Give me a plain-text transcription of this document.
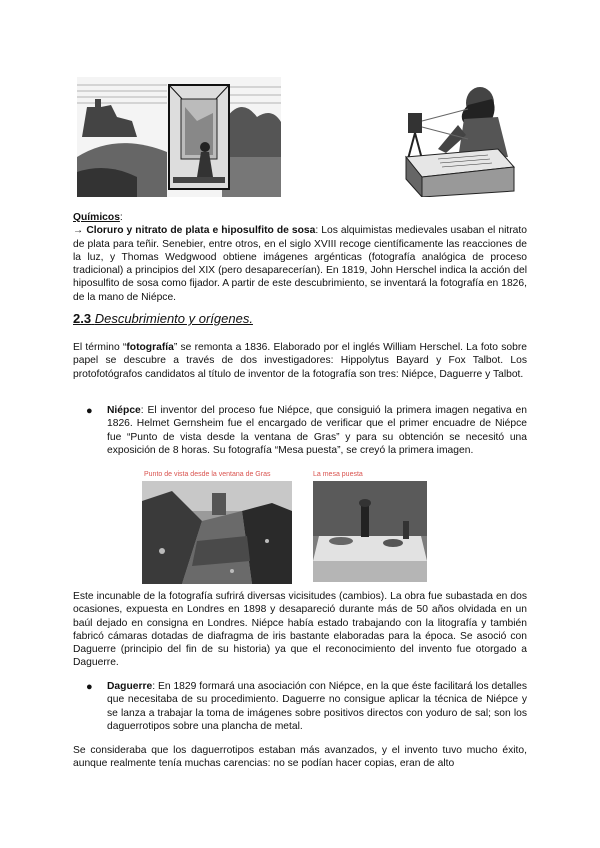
Químicos:
→ Cloruro y nitrato de plata e hiposulfito de sosa: Los alquimistas medievales usaban el nitrato de plata para teñir. Senebier, entre otros, en el siglo XVIII recoge científicamente las reacciones de la luz, y Thomas Wedgwood obtiene imágenes argénticas (fotografía analógica de proceso tradicional) a principios del XIX (pero desaparecerían). En 1819, John Herschel indica la acción del hiposulfito de sosa como fijador. A partir de este descubrimiento, se inventará la fotografía en 1826, de la mano de Niépce.

2.3 Descubrimiento y orígenes.

El término “fotografía” se remonta a 1836. Elaborado por el inglés William Herschel. La foto sobre papel se descubre a través de dos investigadores: Hippolytus Bayard y Fox Talbot. Los protofotógrafos candidatos al título de inventor de la fotografía son tres: Niépce, Daguerre y Talbot.

● Niépce: El inventor del proceso fue Niépce, que consiguió la primera imagen negativa en 1826. Helmet Gernsheim fue el encargado de verificar que el primer encuadre de Niépce fue “Punto de vista desde la ventana de Gras” y para su obtención se necesitó una exposición de 8 horas. Su fotografía “Mesa puesta”, se creyó la primera imagen.

Punto de vista desde la ventana de Gras	La mesa puesta

Este incunable de la fotografía sufrirá diversas vicisitudes (cambios). La obra fue subastada en dos ocasiones, expuesta en Londres en 1898 y desapareció durante más de 50 años olvidada en un baúl dejado en consigna en Londres. Niépce había estado trabajando con la litografía y también fabricó cámaras dotadas de diafragma de iris bastante elaboradas para la época. Se asoció con Daguerre (principio del fin de su historia) ya que el reconocimiento del invento fue otorgado a Daguerre.

● Daguerre: En 1829 formará una asociación con Niépce, en la que éste facilitará los detalles que necesitaba de su procedimiento. Daguerre no consigue aplicar la técnica de Niépce y se lanza a trabajar la toma de imágenes sobre positivos directos con yoduro de sal; son los daguerrotipos sobre una plancha de metal.

Se consideraba que los daguerrotipos estaban más avanzados, y el invento tuvo mucho éxito, aunque realmente tenía muchas carencias: no se podían hacer copias, eran de alto
